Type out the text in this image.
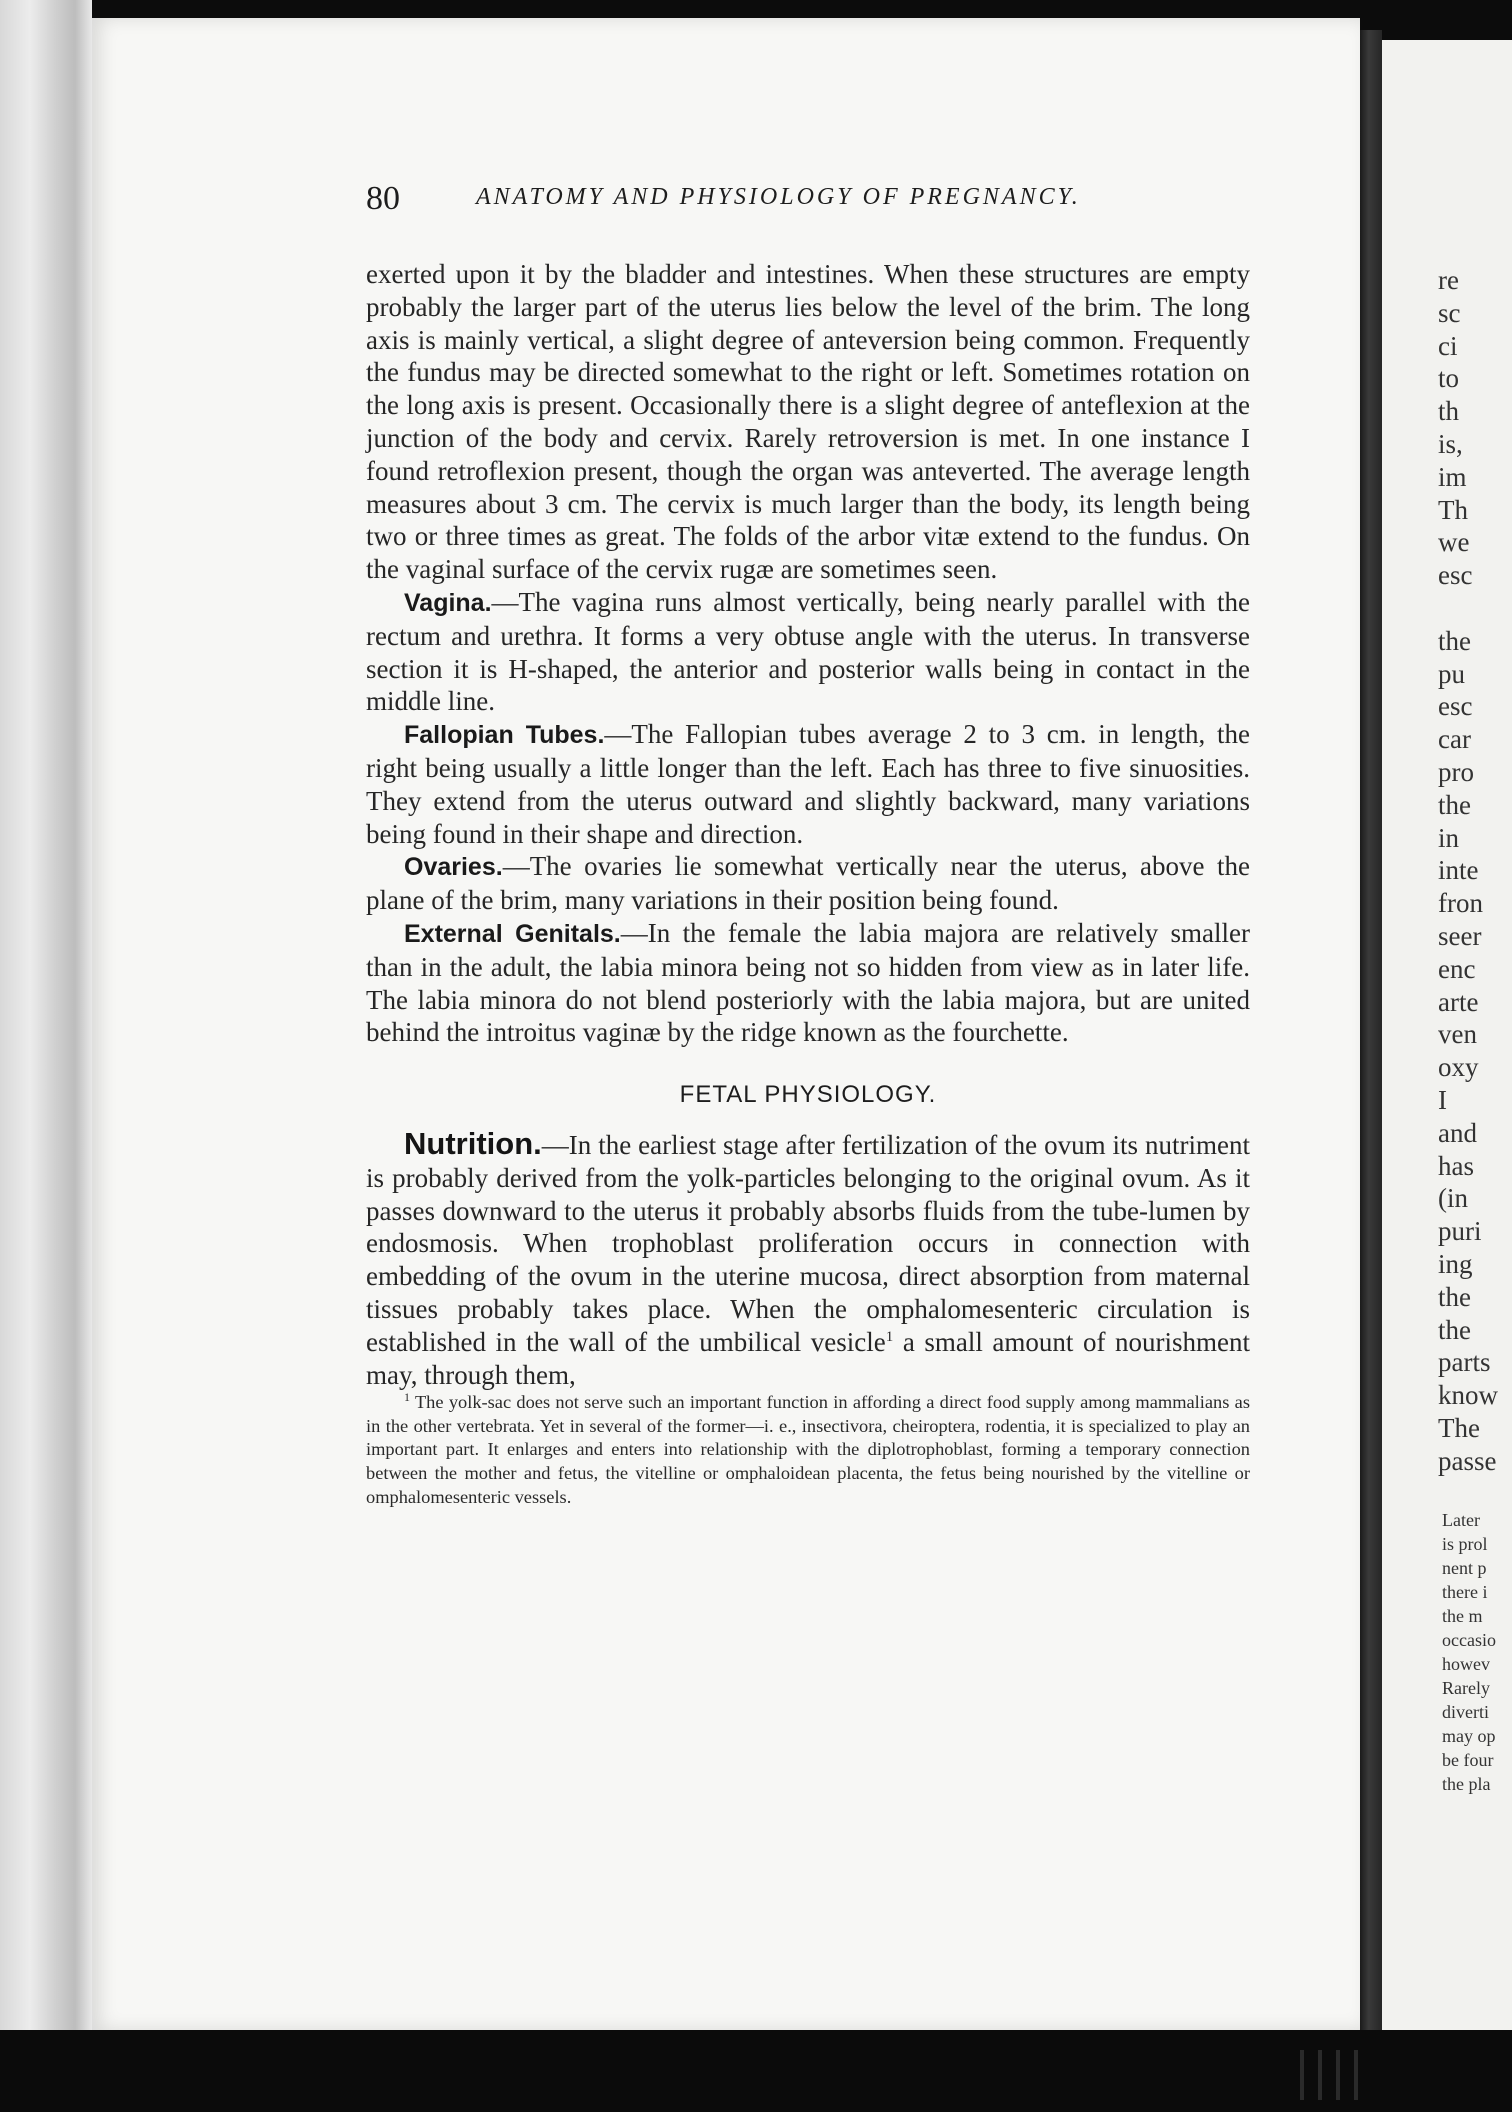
80	ANATOMY AND PHYSIOLOGY OF PREGNANCY.

exerted upon it by the bladder and intestines. When these structures are empty probably the larger part of the uterus lies below the level of the brim. The long axis is mainly vertical, a slight degree of anteversion being common. Frequently the fundus may be directed somewhat to the right or left. Sometimes rotation on the long axis is present. Occasionally there is a slight degree of anteflexion at the junction of the body and cervix. Rarely retroversion is met. In one instance I found retroflexion present, though the organ was anteverted. The average length measures about 3 cm. The cervix is much larger than the body, its length being two or three times as great. The folds of the arbor vitæ extend to the fundus. On the vaginal surface of the cervix rugæ are sometimes seen.

Vagina.—The vagina runs almost vertically, being nearly parallel with the rectum and urethra. It forms a very obtuse angle with the uterus. In transverse section it is H-shaped, the anterior and posterior walls being in contact in the middle line.

Fallopian Tubes.—The Fallopian tubes average 2 to 3 cm. in length, the right being usually a little longer than the left. Each has three to five sinuosities. They extend from the uterus outward and slightly backward, many variations being found in their shape and direction.

Ovaries.—The ovaries lie somewhat vertically near the uterus, above the plane of the brim, many variations in their position being found.

External Genitals.—In the female the labia majora are relatively smaller than in the adult, the labia minora being not so hidden from view as in later life. The labia minora do not blend posteriorly with the labia majora, but are united behind the introitus vaginæ by the ridge known as the fourchette.

FETAL PHYSIOLOGY.

Nutrition.—In the earliest stage after fertilization of the ovum its nutriment is probably derived from the yolk-particles belonging to the original ovum. As it passes downward to the uterus it probably absorbs fluids from the tube-lumen by endosmosis. When trophoblast proliferation occurs in connection with embedding of the ovum in the uterine mucosa, direct absorption from maternal tissues probably takes place. When the omphalomesenteric circulation is established in the wall of the umbilical vesicle$^1$ a small amount of nourishment may, through them,

$^1$ The yolk-sac does not serve such an important function in affording a direct food supply among mammalians as in the other vertebrata. Yet in several of the former—i. e., insectivora, cheiroptera, rodentia, it is specialized to play an important part. It enlarges and enters into relationship with the diplotrophoblast, forming a temporary connection between the mother and fetus, the vitelline or omphaloidean placenta, the fetus being nourished by the vitelline or omphalomesenteric vessels.

re
sc
ci
to
th
is,
im
Th
we
esc
the
pu
esc
car
pro
the
in
inte
fron
seer
enc
arte
ven
oxy
I
and
has
(in
puri
ing
the
the
parts
know
The
passe
Later
is prol
nent p
there i
the m
occasio
howev
Rarely
diverti
may op
be four
the pla
